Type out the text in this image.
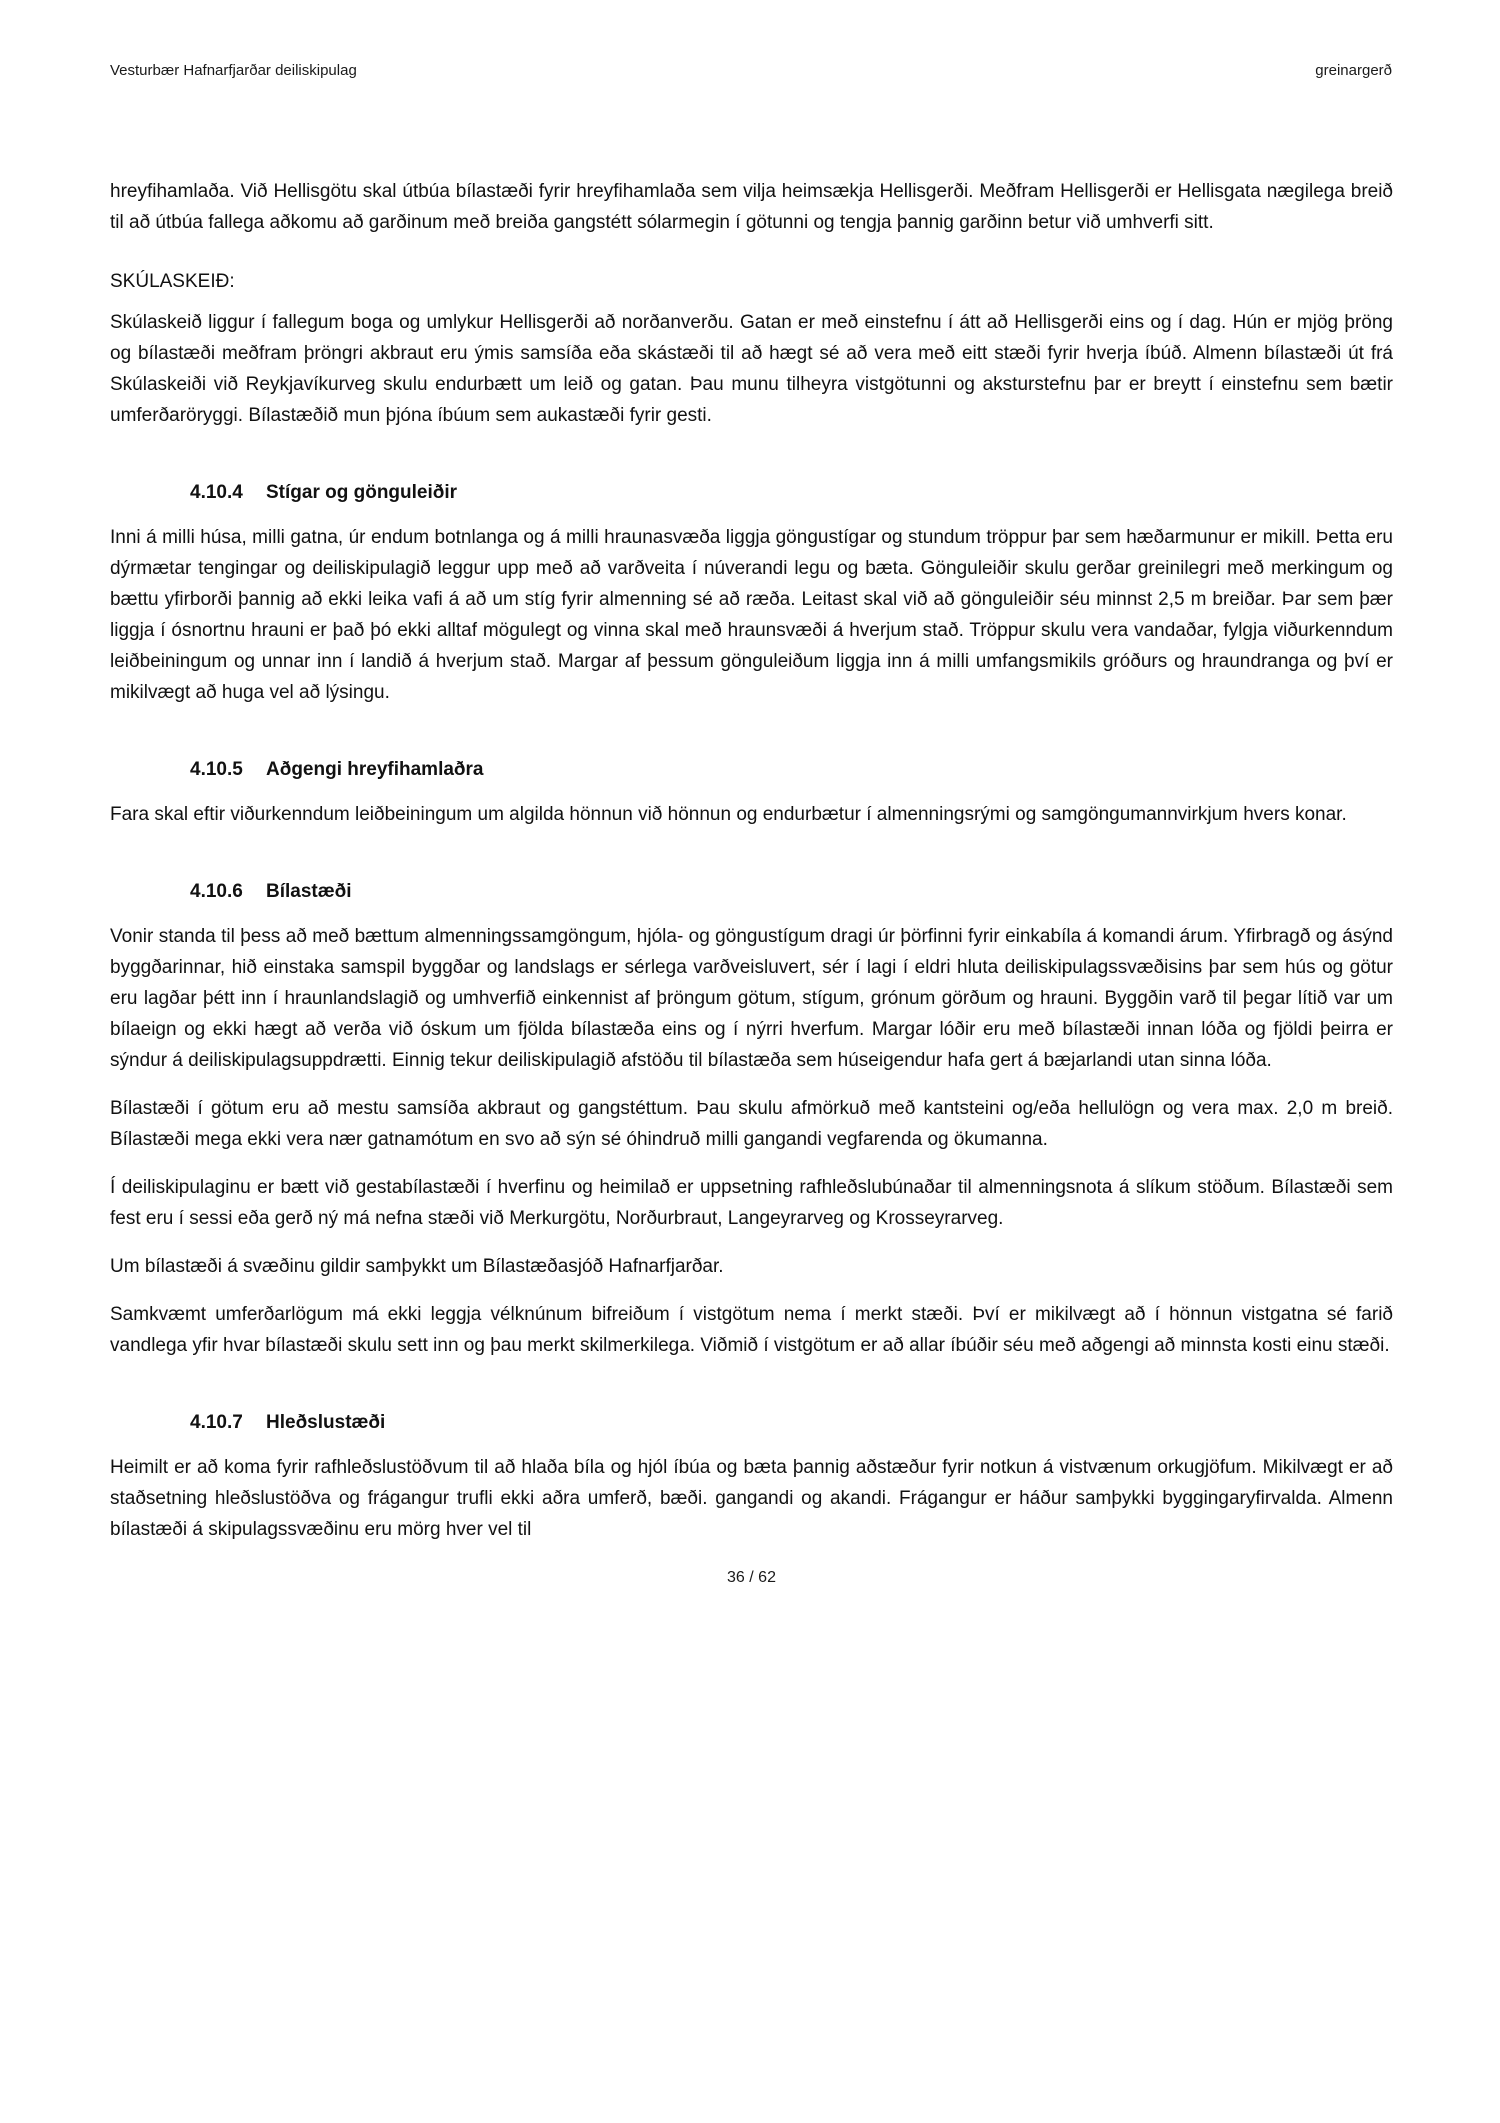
Vesturbær Hafnarfjarðar deiliskipulag	greinargerð

hreyfihamlaða. Við Hellisgötu skal útbúa bílastæði fyrir hreyfihamlaða sem vilja heimsækja Hellisgerði. Meðfram Hellisgerði er Hellisgata nægilega breið til að útbúa fallega aðkomu að garðinum með breiða gangstétt sólarmegin í götunni og tengja þannig garðinn betur við umhverfi sitt.

SKÚLASKEIÐ:

Skúlaskeið liggur í fallegum boga og umlykur Hellisgerði að norðanverðu. Gatan er með einstefnu í átt að Hellisgerði eins og í dag. Hún er mjög þröng og bílastæði meðfram þröngri akbraut eru ýmis samsíða eða skástæði til að hægt sé að vera með eitt stæði fyrir hverja íbúð. Almenn bílastæði út frá Skúlaskeiði við Reykjavíkurveg skulu endurbætt um leið og gatan. Þau munu tilheyra vistgötunni og aksturstefnu þar er breytt í einstefnu sem bætir umferðaröryggi. Bílastæðið mun þjóna íbúum sem aukastæði fyrir gesti.

4.10.4	Stígar og gönguleiðir

Inni á milli húsa, milli gatna, úr endum botnlanga og á milli hraunasvæða liggja göngustígar og stundum tröppur þar sem hæðarmunur er mikill. Þetta eru dýrmætar tengingar og deiliskipulagið leggur upp með að varðveita í núverandi legu og bæta. Gönguleiðir skulu gerðar greinilegri með merkingum og bættu yfirborði þannig að ekki leika vafi á að um stíg fyrir almenning sé að ræða. Leitast skal við að gönguleiðir séu minnst 2,5 m breiðar. Þar sem þær liggja í ósnortnu hrauni er það þó ekki alltaf mögulegt og vinna skal með hraunsvæði á hverjum stað. Tröppur skulu vera vandaðar, fylgja viðurkenndum leiðbeiningum og unnar inn í landið á hverjum stað. Margar af þessum gönguleiðum liggja inn á milli umfangsmikils gróðurs og hraundranga og því er mikilvægt að huga vel að lýsingu.

4.10.5	Aðgengi hreyfihamlaðra

Fara skal eftir viðurkenndum leiðbeiningum um algilda hönnun við hönnun og endurbætur í almenningsrými og samgöngumannvirkjum hvers konar.

4.10.6	Bílastæði

Vonir standa til þess að með bættum almenningssamgöngum, hjóla- og göngustígum dragi úr þörfinni fyrir einkabíla á komandi árum. Yfirbragð og ásýnd byggðarinnar, hið einstaka samspil byggðar og landslags er sérlega varðveisluvert, sér í lagi í eldri hluta deiliskipulagssvæðisins þar sem hús og götur eru lagðar þétt inn í hraunlandslagið og umhverfið einkennist af þröngum götum, stígum, grónum görðum og hrauni. Byggðin varð til þegar lítið var um bílaeign og ekki hægt að verða við óskum um fjölda bílastæða eins og í nýrri hverfum. Margar lóðir eru með bílastæði innan lóða og fjöldi þeirra er sýndur á deiliskipulagsuppdrætti. Einnig tekur deiliskipulagið afstöðu til bílastæða sem húseigendur hafa gert á bæjarlandi utan sinna lóða.

Bílastæði í götum eru að mestu samsíða akbraut og gangstéttum. Þau skulu afmörkuð með kantsteini og/eða hellulögn og vera max. 2,0 m breið. Bílastæði mega ekki vera nær gatnamótum en svo að sýn sé óhindruð milli gangandi vegfarenda og ökumanna.

Í deiliskipulaginu er bætt við gestabílastæði í hverfinu og heimilað er uppsetning rafhleðslubúnaðar til almenningsnota á slíkum stöðum. Bílastæði sem fest eru í sessi eða gerð ný má nefna stæði við Merkurgötu, Norðurbraut, Langeyrarveg og Krosseyrarveg.

Um bílastæði á svæðinu gildir samþykkt um Bílastæðasjóð Hafnarfjarðar.

Samkvæmt umferðarlögum má ekki leggja vélknúnum bifreiðum í vistgötum nema í merkt stæði. Því er mikilvægt að í hönnun vistgatna sé farið vandlega yfir hvar bílastæði skulu sett inn og þau merkt skilmerkilega. Viðmið í vistgötum er að allar íbúðir séu með aðgengi að minnsta kosti einu stæði.

4.10.7	Hleðslustæði

Heimilt er að koma fyrir rafhleðslustöðvum til að hlaða bíla og hjól íbúa og bæta þannig aðstæður fyrir notkun á vistvænum orkugjöfum. Mikilvægt er að staðsetning hleðslustöðva og frágangur trufli ekki aðra umferð, bæði. gangandi og akandi. Frágangur er háður samþykki byggingaryfirvalda. Almenn bílastæði á skipulagssvæðinu eru mörg hver vel til

36 / 62
